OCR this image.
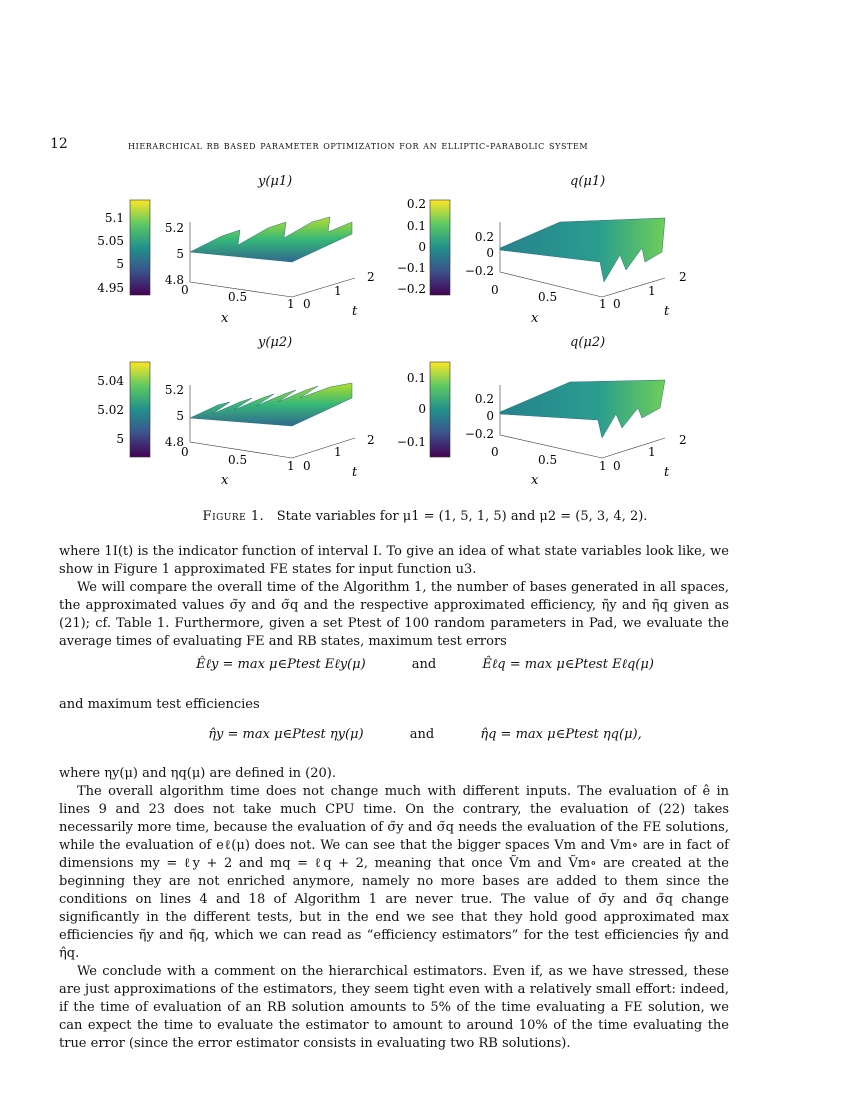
12	hierarchical rb based parameter optimization for an elliptic-parabolic system
y(μ1)	q(μ1)
y(μ2)	q(μ2)
5.1
5.05
5
4.95
0.2
0.1
0
−0.1
−0.2
5.04
5.02
5
0.1
0
−0.1
5.2
5
4.8
0.2
0
−0.2
5.2
5
4.8
0.2
0
−0.2
0	0.5	1
0	0.5	1
0
0.5	1
0
0.5	1
0
1
2
0
1
2
0
1
2
0
1
2
x	t	x	t
x
t
x
t
Figure 1. State variables for μ1 = (1, 5, 1, 5) and μ2 = (5, 3, 4, 2).

where 1I(t) is the indicator function of interval I. To give an idea of what state variables look like, we show in Figure 1 approximated FE states for input function u3.

We will compare the overall time of the Algorithm 1, the number of bases generated in all spaces, the approximated values σ̃y and σ̃q and the respective approximated efficiency, η̃y and η̃q given as (21); cf. Table 1. Furthermore, given a set Ptest of 100 random parameters in Pad, we evaluate the average times of evaluating FE and RB states, maximum test errors

Êℓy = max μ∈Ptest Eℓy(μ)	and	Êℓq = max μ∈Ptest Eℓq(μ)
and maximum test efficiencies
η̂y = max μ∈Ptest ηy(μ)	and	η̂q = max μ∈Ptest ηq(μ),

where ηy(μ) and ηq(μ) are defined in (20).

The overall algorithm time does not change much with different inputs. The evaluation of ê in lines 9 and 23 does not take much CPU time. On the contrary, the evaluation of (22) takes necessarily more time, because the evaluation of σ̃y and σ̃q needs the evaluation of the FE solutions, while the evaluation of eℓ(μ) does not. We can see that the bigger spaces Vm and Vm∘ are in fact of dimensions my = ℓy + 2 and mq = ℓq + 2, meaning that once Ṽm and Ṽm∘ are created at the beginning they are not enriched anymore, namely no more bases are added to them since the conditions on lines 4 and 18 of Algorithm 1 are never true. The value of σ̃y and σ̃q change significantly in the different tests, but in the end we see that they hold good approximated max efficiencies η̃y and η̃q, which we can read as “efficiency estimators” for the test efficiencies η̂y and η̂q.

We conclude with a comment on the hierarchical estimators. Even if, as we have stressed, these are just approximations of the estimators, they seem tight even with a relatively small effort: indeed, if the time of evaluation of an RB solution amounts to 5% of the time evaluating a FE solution, we can expect the time to evaluate the estimator to amount to around 10% of the time evaluating the true error (since the error estimator consists in evaluating two RB solutions).
